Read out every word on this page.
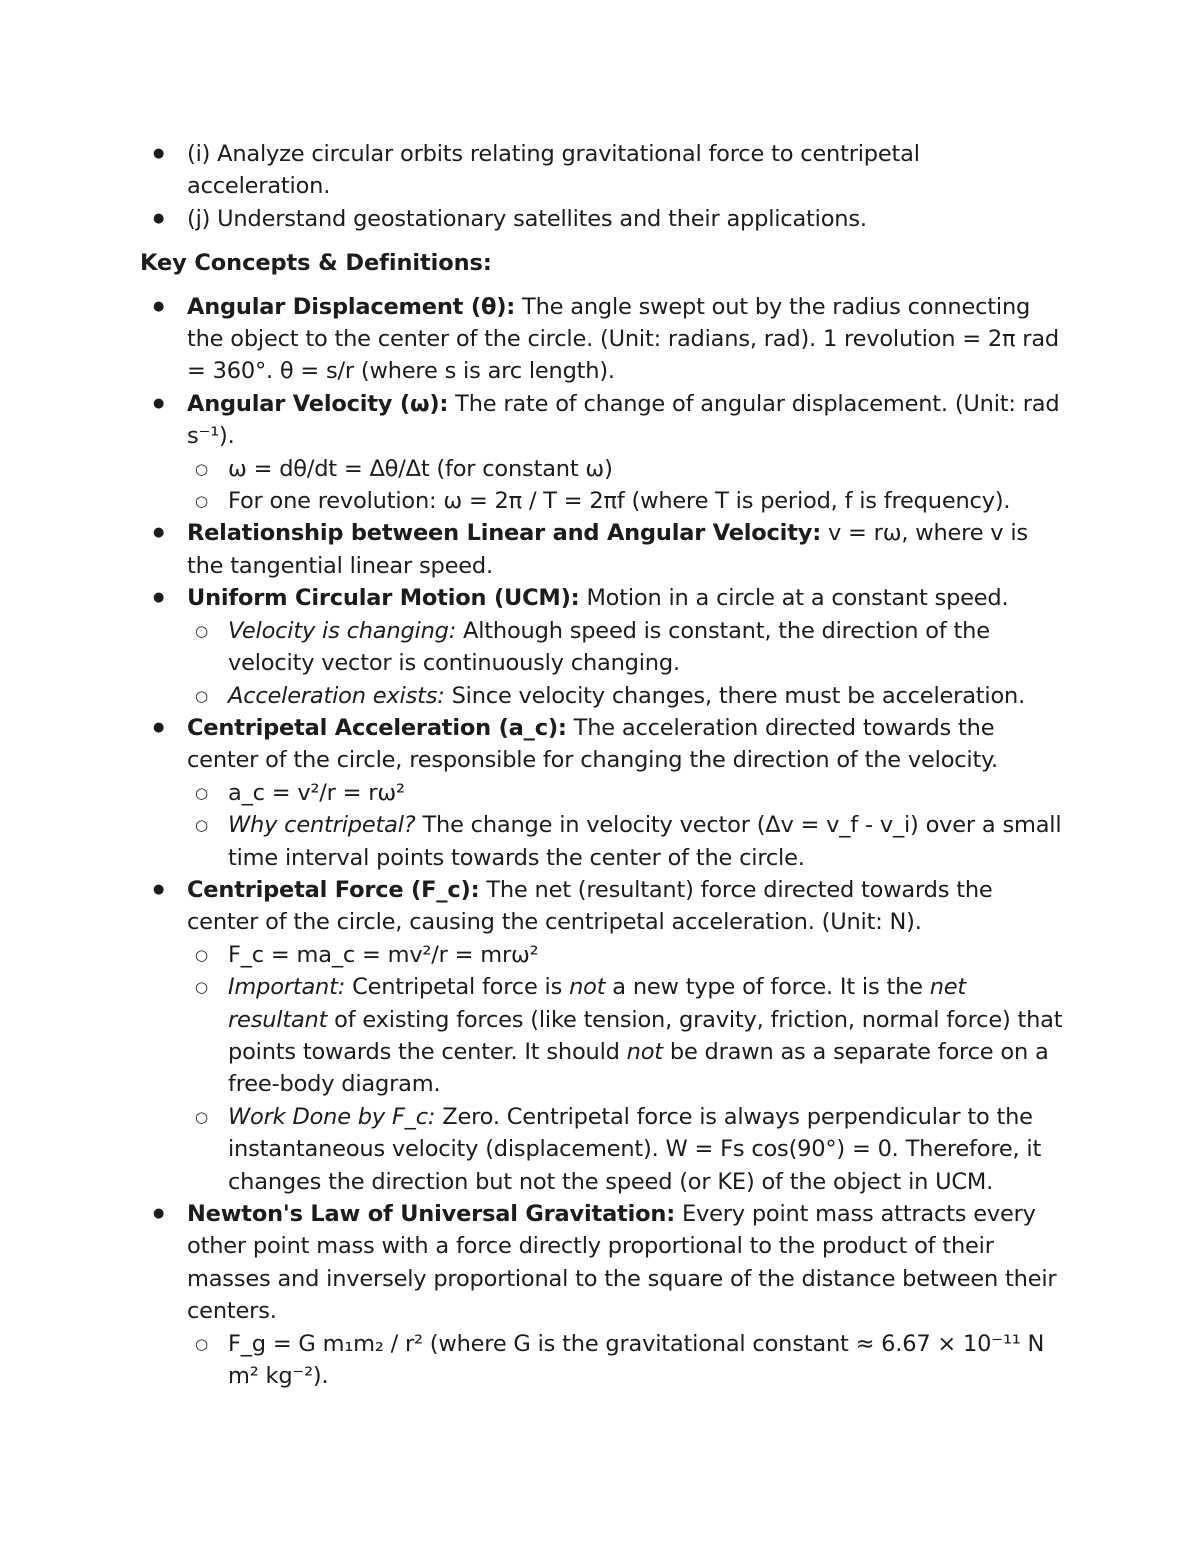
● (i) Analyze circular orbits relating gravitational force to centripetal acceleration.
● (j) Understand geostationary satellites and their applications.
Key Concepts & Definitions:
● Angular Displacement (θ): The angle swept out by the radius connecting the object to the center of the circle. (Unit: radians, rad). 1 revolution = 2π rad = 360°. θ = s/r (where s is arc length).
● Angular Velocity (ω): The rate of change of angular displacement. (Unit: rad s⁻¹).
○ ω = dθ/dt = Δθ/Δt (for constant ω)
○ For one revolution: ω = 2π / T = 2πf (where T is period, f is frequency).
● Relationship between Linear and Angular Velocity: v = rω, where v is the tangential linear speed.
● Uniform Circular Motion (UCM): Motion in a circle at a constant speed.
○ Velocity is changing: Although speed is constant, the direction of the velocity vector is continuously changing.
○ Acceleration exists: Since velocity changes, there must be acceleration.
● Centripetal Acceleration (a_c): The acceleration directed towards the center of the circle, responsible for changing the direction of the velocity.
○ a_c = v²/r = rω²
○ Why centripetal? The change in velocity vector (Δv = v_f - v_i) over a small time interval points towards the center of the circle.
● Centripetal Force (F_c): The net (resultant) force directed towards the center of the circle, causing the centripetal acceleration. (Unit: N).
○ F_c = ma_c = mv²/r = mrω²
○ Important: Centripetal force is not a new type of force. It is the net resultant of existing forces (like tension, gravity, friction, normal force) that points towards the center. It should not be drawn as a separate force on a free-body diagram.
○ Work Done by F_c: Zero. Centripetal force is always perpendicular to the instantaneous velocity (displacement). W = Fs cos(90°) = 0. Therefore, it changes the direction but not the speed (or KE) of the object in UCM.
● Newton's Law of Universal Gravitation: Every point mass attracts every other point mass with a force directly proportional to the product of their masses and inversely proportional to the square of the distance between their centers.
○ F_g = G m₁m₂ / r² (where G is the gravitational constant ≈ 6.67 × 10⁻¹¹ N m² kg⁻²).
